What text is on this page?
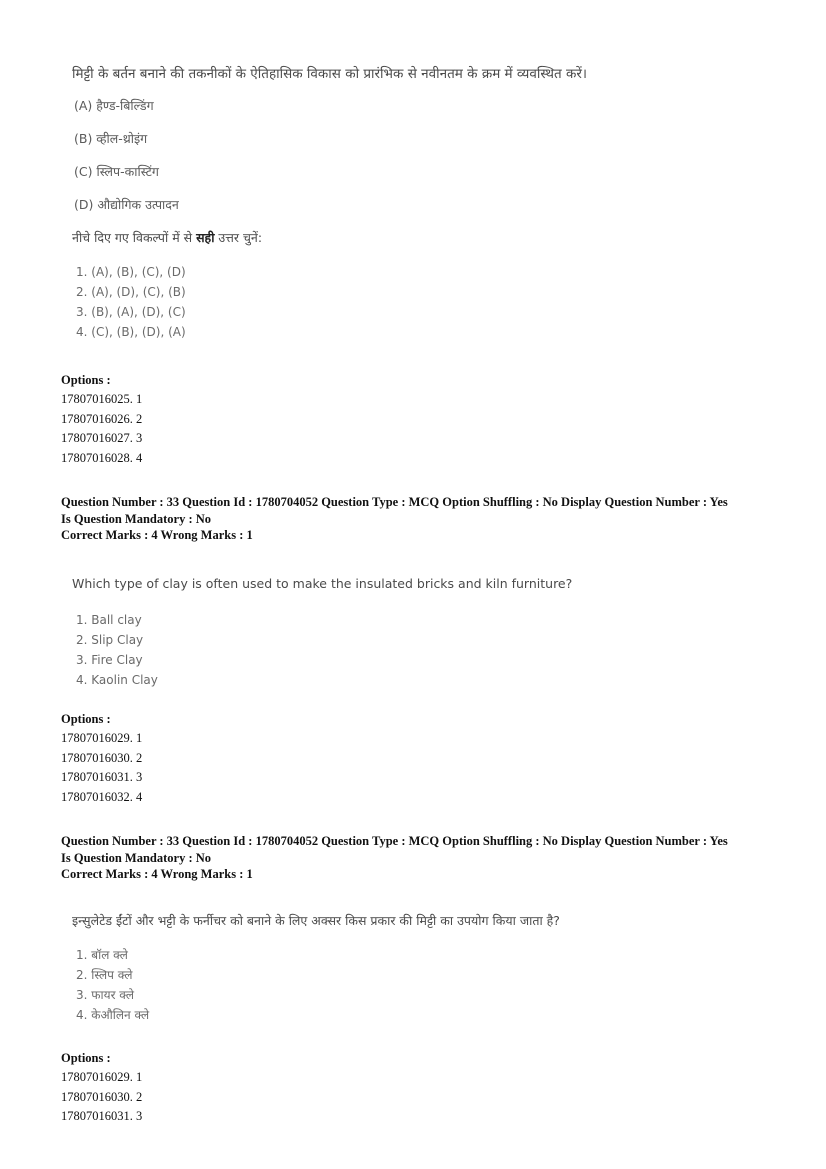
मिट्टी के बर्तन बनाने की तकनीकों के ऐतिहासिक विकास को प्रारंभिक से नवीनतम के क्रम में व्यवस्थित करें।

(A) हैण्ड-बिल्डिंग

(B) व्हील-थ्रोइंग

(C) स्लिप-कास्टिंग

(D) औद्योगिक उत्पादन

नीचे दिए गए विकल्पों में से सही उत्तर चुनें:

1. (A), (B), (C), (D)
2. (A), (D), (C), (B)
3. (B), (A), (D), (C)
4. (C), (B), (D), (A)

Options :

17807016025. 1

17807016026. 2

17807016027. 3

17807016028. 4

Question Number : 33 Question Id : 1780704052 Question Type : MCQ Option Shuffling : No Display Question Number : Yes

Is Question Mandatory : No

Correct Marks : 4 Wrong Marks : 1

Which type of clay is often used to make the insulated bricks and kiln furniture?

1. Ball clay
2. Slip Clay
3. Fire Clay
4. Kaolin Clay

Options :

17807016029. 1

17807016030. 2

17807016031. 3

17807016032. 4

Question Number : 33 Question Id : 1780704052 Question Type : MCQ Option Shuffling : No Display Question Number : Yes

Is Question Mandatory : No

Correct Marks : 4 Wrong Marks : 1

इन्सुलेटेड ईंटों और भट्टी के फर्नीचर को बनाने के लिए अक्सर किस प्रकार की मिट्टी का उपयोग किया जाता है?

1. बॉल क्ले
2. स्लिप क्ले
3. फायर क्ले
4. केऔलिन क्ले

Options :

17807016029. 1

17807016030. 2

17807016031. 3
